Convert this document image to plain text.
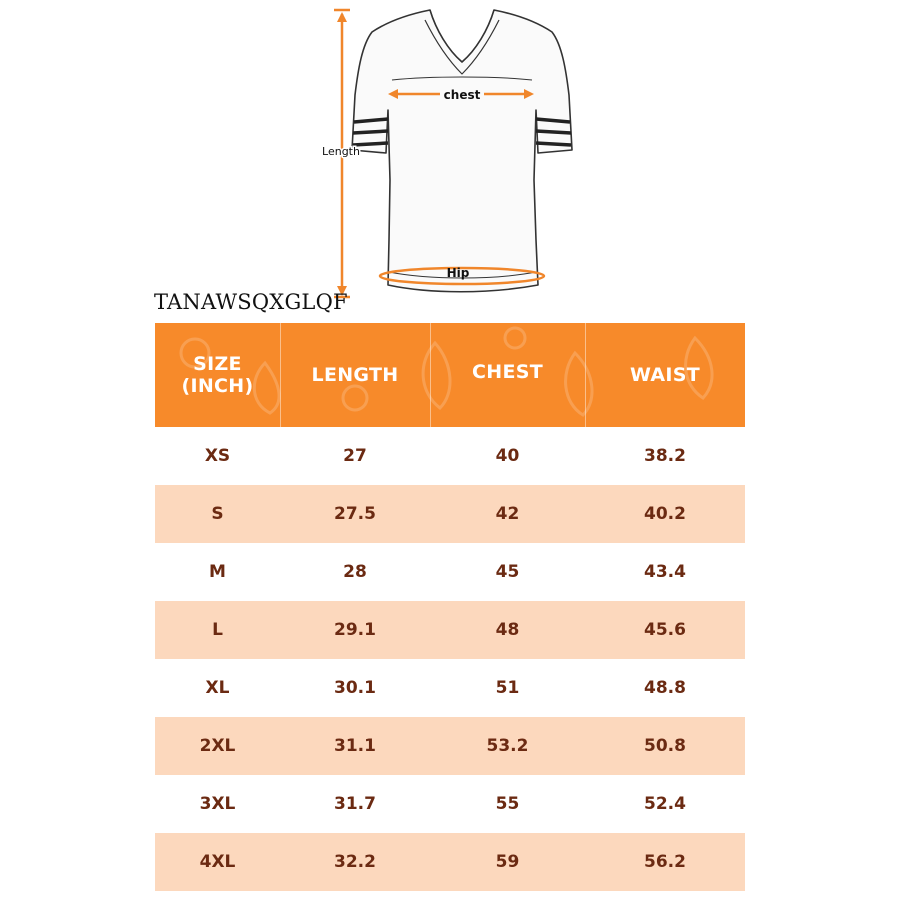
Length
chest
Hip
TANAWSQXGLQF
SIZE
(INCH)	LENGTH	CHEST	WAIST
XS	27	40	38.2
S	27.5	42	40.2
M	28	45	43.4
L	29.1	48	45.6
XL	30.1	51	48.8
2XL	31.1	53.2	50.8
3XL	31.7	55	52.4
4XL	32.2	59	56.2
